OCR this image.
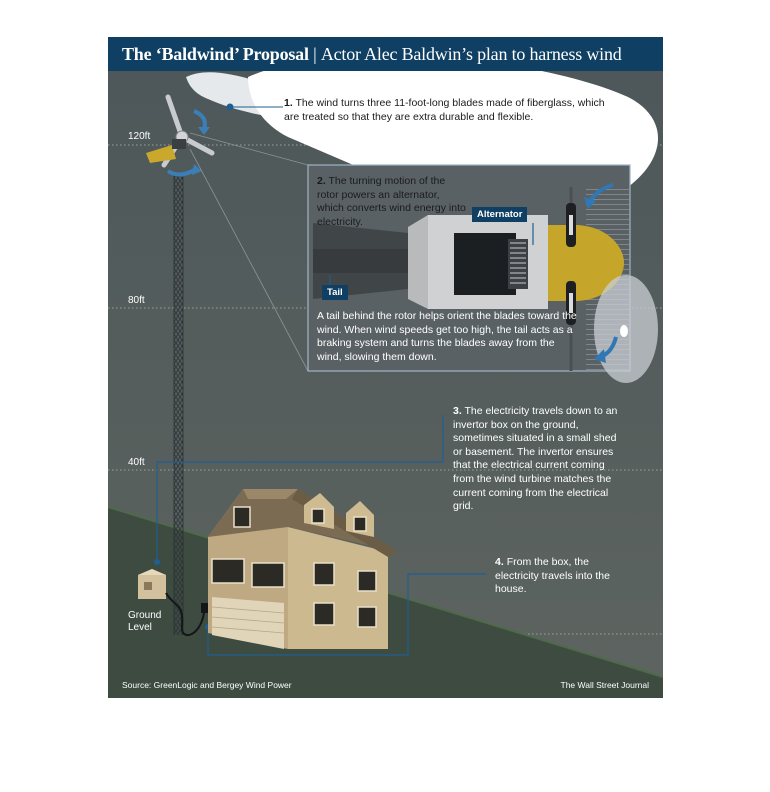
The ‘Baldwind’ Proposal | Actor Alec Baldwin’s plan to harness wind
120ft
80ft
40ft
Ground
Level
1. The wind turns three 11-foot-long blades made of fiberglass, which are treated so that they are extra durable and flexible.
2. The turning motion of the rotor powers an alternator, which converts wind energy into electricity.
Alternator
Tail
A tail behind the rotor helps orient the blades toward the wind. When wind speeds get too high, the tail acts as a braking system and turns the blades away from the wind, slowing them down.
3. The electricity travels down to an invertor box on the ground, sometimes situated in a small shed or basement. The invertor ensures that the electrical current coming from the wind turbine matches the current coming from the electrical grid.
4. From the box, the electricity travels into the house.
Source: GreenLogic and Bergey Wind Power	The Wall Street Journal
